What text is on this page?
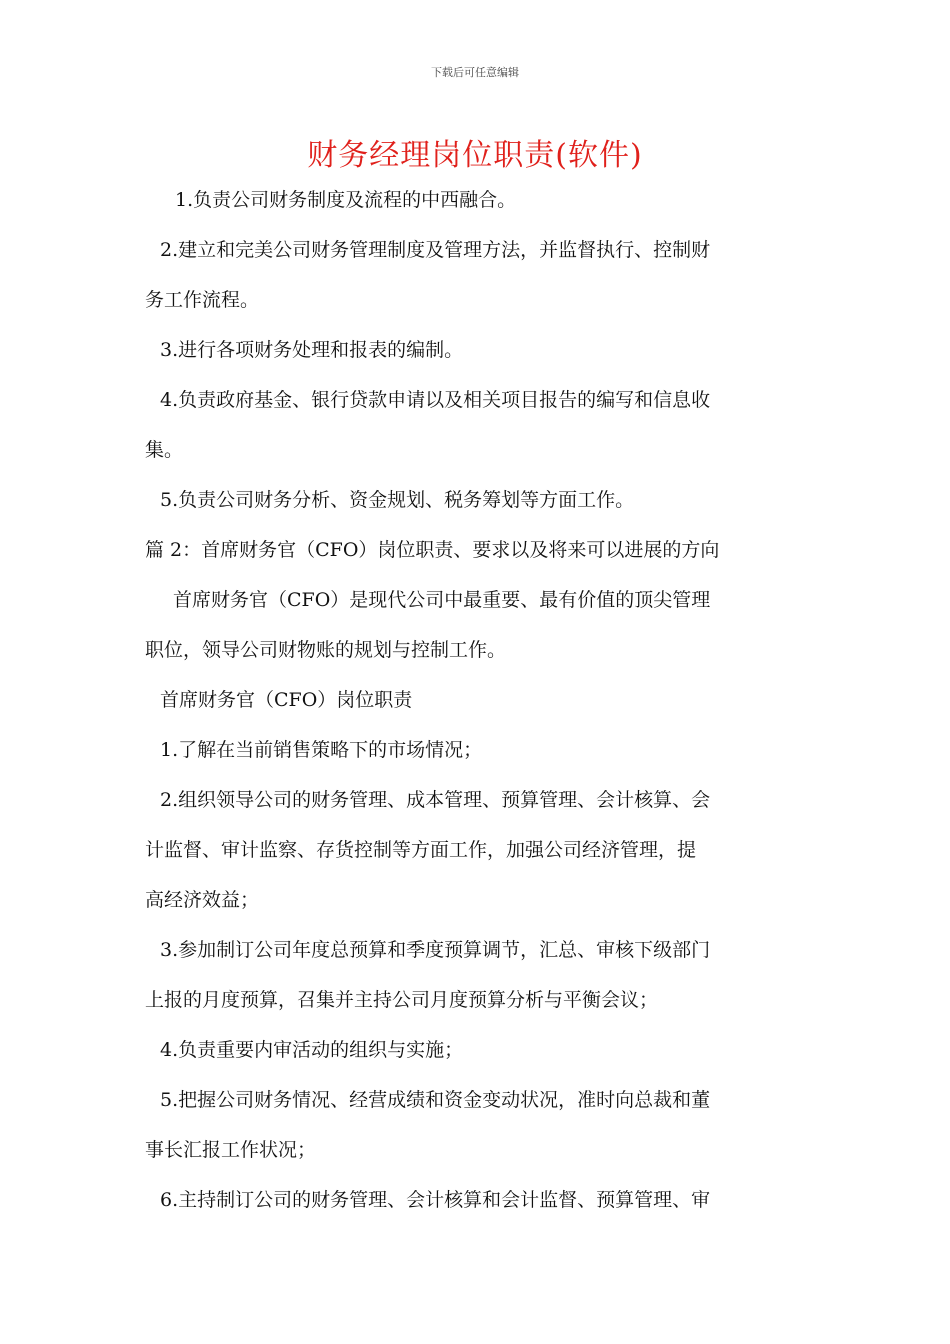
下载后可任意编辑
财务经理岗位职责(软件)

1.负责公司财务制度及流程的中西融合。

2.建立和完美公司财务管理制度及管理方法，并监督执行、控制财

务工作流程。

3.进行各项财务处理和报表的编制。

4.负责政府基金、银行贷款申请以及相关项目报告的编写和信息收

集。

5.负责公司财务分析、资金规划、税务筹划等方面工作。

篇 2：首席财务官（CFO）岗位职责、要求以及将来可以进展的方向

首席财务官（CFO）是现代公司中最重要、最有价值的顶尖管理

职位，领导公司财物账的规划与控制工作。

首席财务官（CFO）岗位职责

1.了解在当前销售策略下的市场情况；

2.组织领导公司的财务管理、成本管理、预算管理、会计核算、会

计监督、审计监察、存货控制等方面工作，加强公司经济管理，提

高经济效益；

3.参加制订公司年度总预算和季度预算调节，汇总、审核下级部门

上报的月度预算，召集并主持公司月度预算分析与平衡会议；

4.负责重要内审活动的组织与实施；

5.把握公司财务情况、经营成绩和资金变动状况，准时向总裁和董

事长汇报工作状况；

6.主持制订公司的财务管理、会计核算和会计监督、预算管理、审
